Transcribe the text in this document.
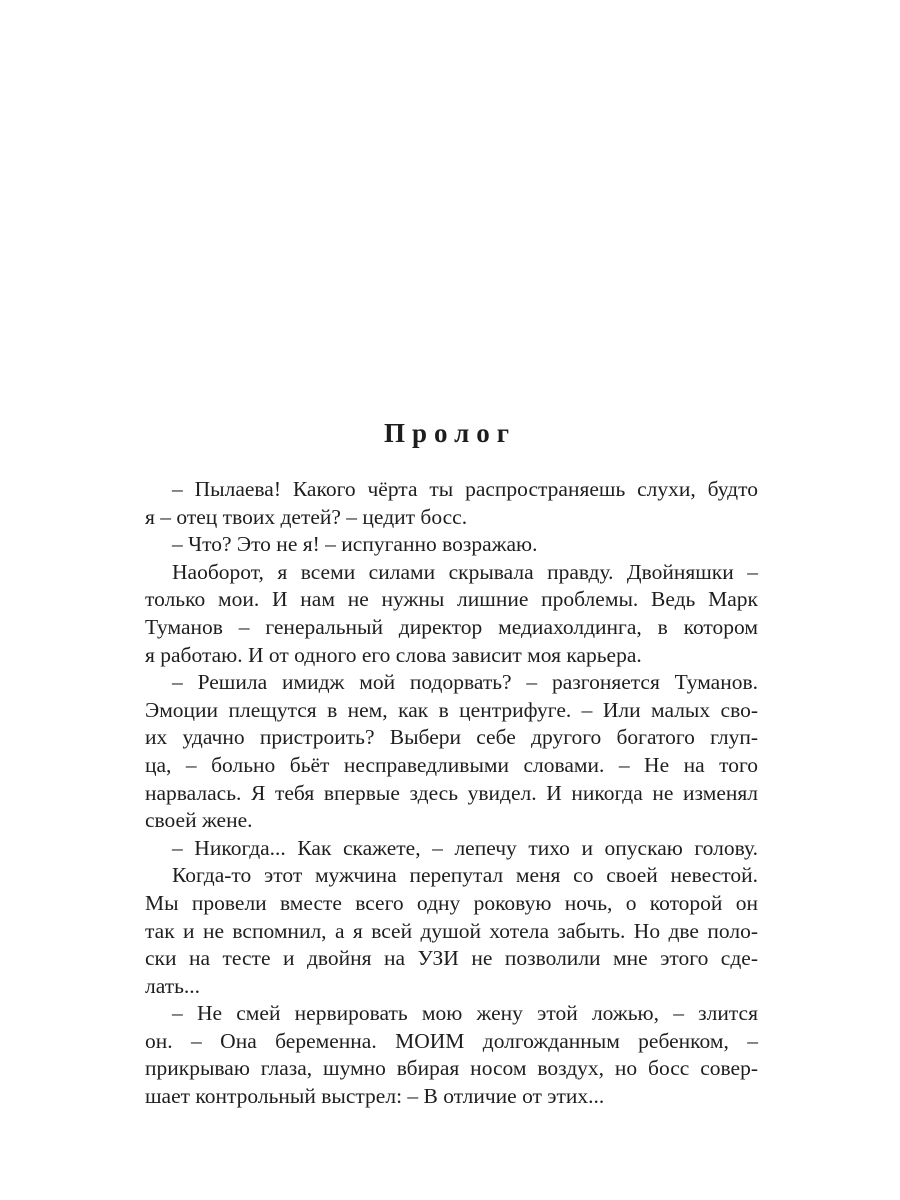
Пролог
– Пылаева! Какого чёрта ты распространяешь слухи, будто
я – отец твоих детей? – цедит босс.
– Что? Это не я! – испуганно возражаю.
Наоборот, я всеми силами скрывала правду. Двойняшки –
только мои. И нам не нужны лишние проблемы. Ведь Марк
Туманов – генеральный директор медиахолдинга, в котором
я работаю. И от одного его слова зависит моя карьера.
– Решила имидж мой подорвать? – разгоняется Туманов.
Эмоции плещутся в нем, как в центрифуге. – Или малых сво-
их удачно пристроить? Выбери себе другого богатого глуп-
ца, – больно бьёт несправедливыми словами. – Не на того
нарвалась. Я тебя впервые здесь увидел. И никогда не изменял
своей жене.
– Никогда... Как скажете, – лепечу тихо и опускаю голову.
Когда-то этот мужчина перепутал меня со своей невестой.
Мы провели вместе всего одну роковую ночь, о которой он
так и не вспомнил, а я всей душой хотела забыть. Но две поло-
ски на тесте и двойня на УЗИ не позволили мне этого сде-
лать...
– Не смей нервировать мою жену этой ложью, – злится
он. – Она беременна. МОИМ долгожданным ребенком, –
прикрываю глаза, шумно вбирая носом воздух, но босс совер-
шает контрольный выстрел: – В отличие от этих...
